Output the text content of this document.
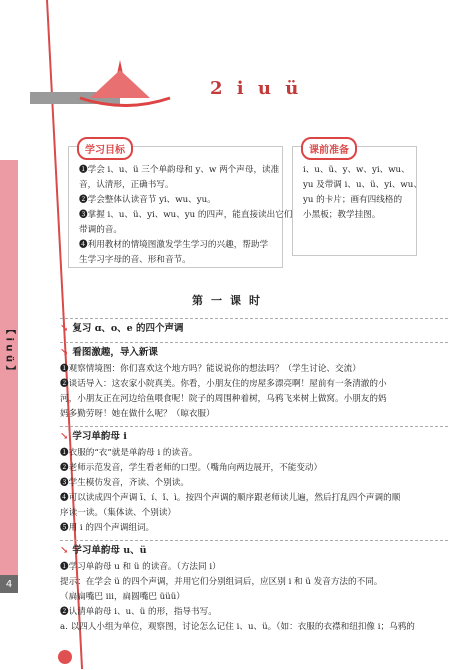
【 i u ü 】
4
2 i u ü
学习目标

❶学会 i、u、ü 三个单韵母和 y、w 两个声母，读准

音，认清形，正确书写。

❷学会整体认读音节 yi、wu、yu。

❸掌握 i、u、ü、yi、wu、yu 的四声，能直接读出它们

带调的音。

❹利用教材的情境图激发学生学习的兴趣，帮助学

生学习字母的音、形和音节。

课前准备

i、u、ü、y、w、yi、wu、

yu 及带调 i、u、ü、yi、wu、

yu 的卡片；画有四线格的

小黑板；教学挂图。

第一课时
↘ 复习 ɑ、o、e 的四个声调
↘ 看图激趣，导入新课

❶观察情境图：你们喜欢这个地方吗？能说说你的想法吗？（学生讨论、交流）

❷谈话导入：这农家小院真美。你看，小朋友住的房屋多漂亮啊！屋前有一条清澈的小

河，小朋友正在河边给鱼喂食呢！院子的周围种着树，乌鸦飞来树上做窝。小朋友的妈

妈多勤劳呀！她在做什么呢？（晾衣服）

↘ 学习单韵母 i

❶衣服的“衣”就是单韵母 i 的读音。

❷老师示范发音，学生看老师的口型。（嘴角向两边展开，不能变动）

❸学生模仿发音，齐读、个别读。

❹可以读成四个声调 ī、í、ǐ、ì。按四个声调的顺序跟老师读儿遍，然后打乱四个声调的顺

序读一读。（集体读、个别读）

❺用 i 的四个声调组词。

↘ 学习单韵母 u、ü

❶学习单韵母 u 和 ü 的读音。（方法同 i）

提示：在学会 ü 的四个声调，并用它们分别组词后，应区别 i 和 ü 发音方法的不同。

（扁扁嘴巴 iii，扁圆嘴巴 üüü）

❷认清单韵母 i、u、ü 的形，指导书写。

a. 以四人小组为单位，观察图，讨论怎么记住 i、u、ü。（如：衣服的衣襟和纽扣像 i；乌鸦的
